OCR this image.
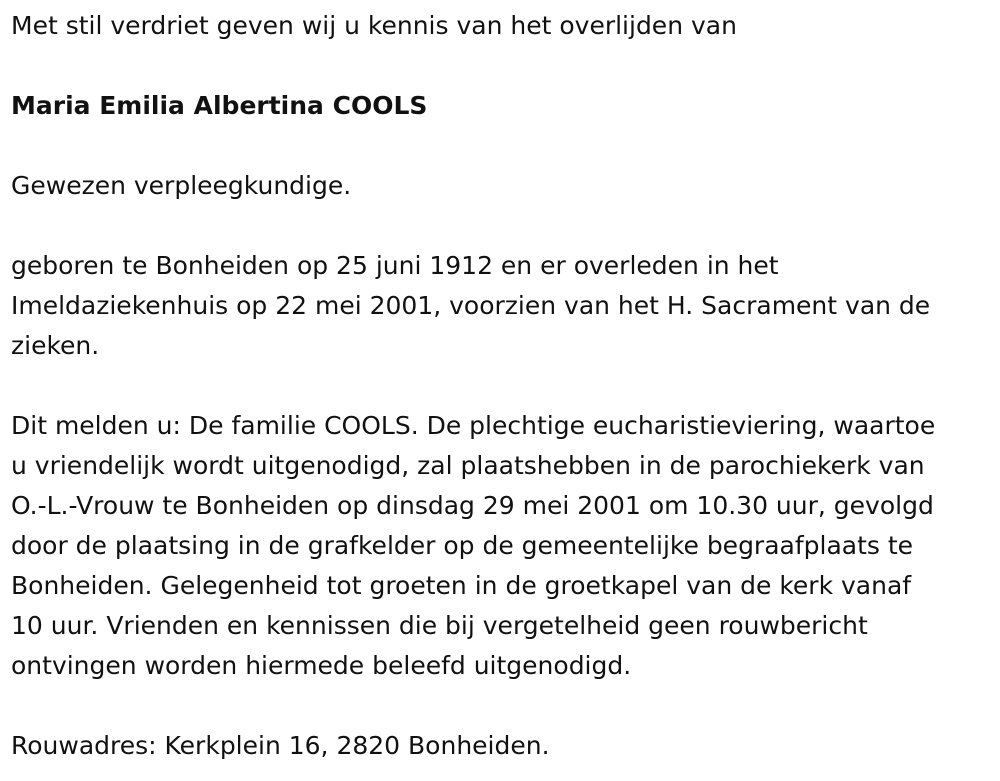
Met stil verdriet geven wij u kennis van het overlijden van

Maria Emilia Albertina COOLS

Gewezen verpleegkundige.

geboren te Bonheiden op 25 juni 1912 en er overleden in het
Imeldaziekenhuis op 22 mei 2001, voorzien van het H. Sacrament van de
zieken.

Dit melden u: De familie COOLS. De plechtige eucharistieviering, waartoe
u vriendelijk wordt uitgenodigd, zal plaatshebben in de parochiekerk van
O.-L.-Vrouw te Bonheiden op dinsdag 29 mei 2001 om 10.30 uur, gevolgd
door de plaatsing in de grafkelder op de gemeentelijke begraafplaats te
Bonheiden. Gelegenheid tot groeten in de groetkapel van de kerk vanaf
10 uur. Vrienden en kennissen die bij vergetelheid geen rouwbericht
ontvingen worden hiermede beleefd uitgenodigd.

Rouwadres: Kerkplein 16, 2820 Bonheiden.
